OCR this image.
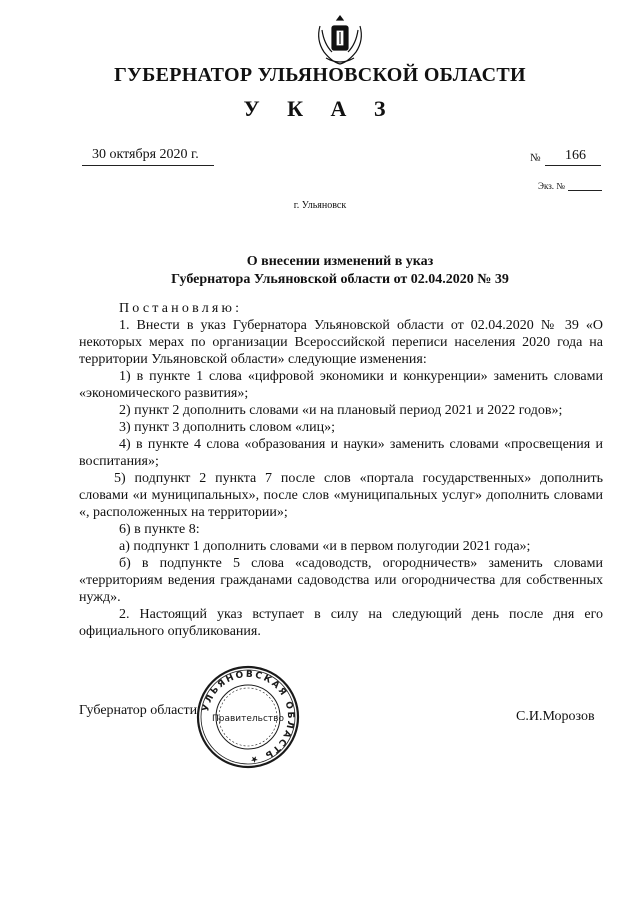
ГУБЕРНАТОР УЛЬЯНОВСКОЙ ОБЛАСТИ
У К А З
30 октября 2020 г.	№ 166
Экз. №
г. Ульяновск
О внесении изменений в указ
Губернатора Ульяновской области от 02.04.2020 № 39
Постановляю:

1. Внести в указ Губернатора Ульяновской области от 02.04.2020 № 39 «О некоторых мерах по организации Всероссийской переписи населения 2020 года на территории Ульяновской области» следующие изменения:

1) в пункте 1 слова «цифровой экономики и конкуренции» заменить словами «экономического развития»;

2) пункт 2 дополнить словами «и на плановый период 2021 и 2022 годов»;

3) пункт 3 дополнить словом «лиц»;

4) в пункте 4 слова «образования и науки» заменить словами «просвещения и воспитания»;

5) подпункт 2 пункта 7 после слов «портала государственных» дополнить словами «и муниципальных», после слов «муниципальных услуг» дополнить словами «, расположенных на территории»;

6) в пункте 8:

а) подпункт 1 дополнить словами «и в первом полугодии 2021 года»;

б) в подпункте 5 слова «садоводств, огородничеств» заменить словами «территориям ведения гражданами садоводства или огородничества для собственных нужд».

2. Настоящий указ вступает в силу на следующий день после дня его официального опубликования.

Губернатор области	С.И.Морозов
УЛЬЯНОВСКАЯ ОБЛАСТЬ ★
Правительство
